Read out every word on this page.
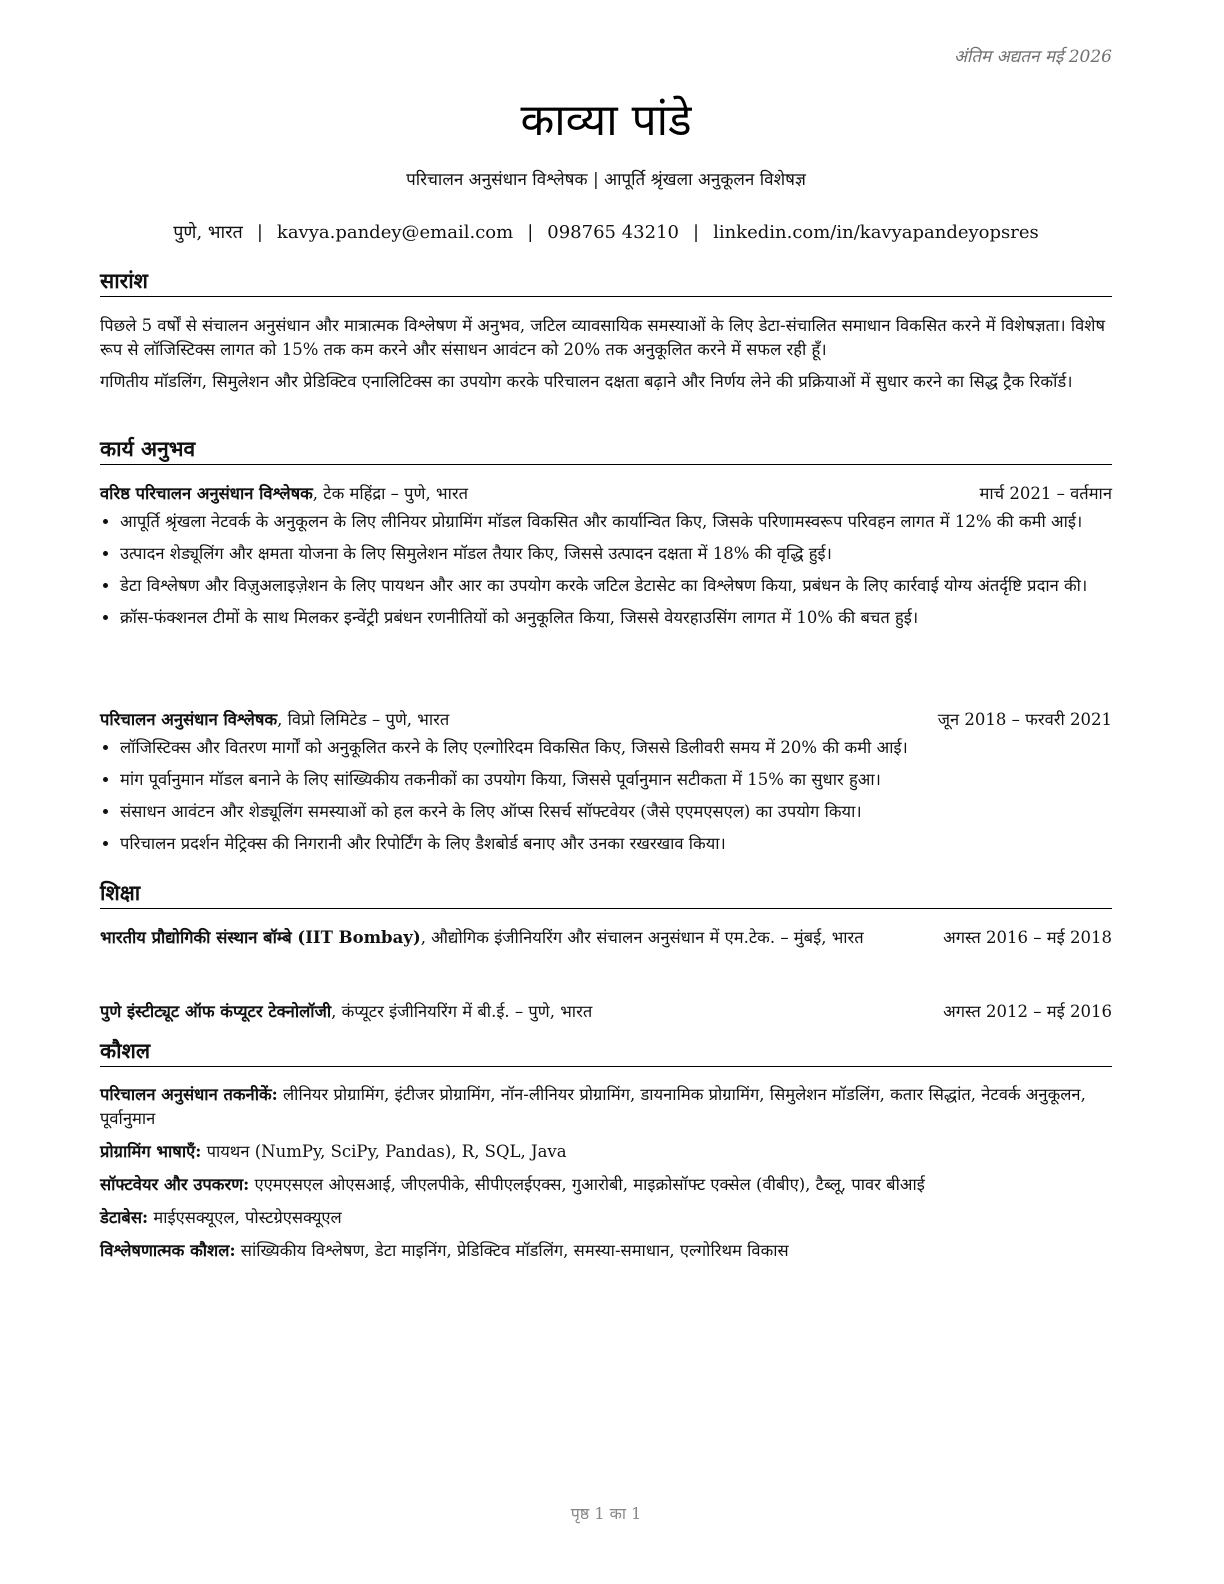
अंतिम अद्यतन मई 2026
काव्या पांडे
परिचालन अनुसंधान विश्लेषक | आपूर्ति श्रृंखला अनुकूलन विशेषज्ञ
पुणे, भारत | kavya.pandey@email.com | 098765 43210 | linkedin.com/in/kavyapandeyopsres
सारांश

पिछले 5 वर्षों से संचालन अनुसंधान और मात्रात्मक विश्लेषण में अनुभव, जटिल व्यावसायिक समस्याओं के लिए डेटा-संचालित समाधान विकसित करने में विशेषज्ञता। विशेष रूप से लॉजिस्टिक्स लागत को 15% तक कम करने और संसाधन आवंटन को 20% तक अनुकूलित करने में सफल रही हूँ।

गणितीय मॉडलिंग, सिमुलेशन और प्रेडिक्टिव एनालिटिक्स का उपयोग करके परिचालन दक्षता बढ़ाने और निर्णय लेने की प्रक्रियाओं में सुधार करने का सिद्ध ट्रैक रिकॉर्ड।

कार्य अनुभव
वरिष्ठ परिचालन अनुसंधान विश्लेषक, टेक महिंद्रा – पुणे, भारत	मार्च 2021 – वर्तमान
• आपूर्ति श्रृंखला नेटवर्क के अनुकूलन के लिए लीनियर प्रोग्रामिंग मॉडल विकसित और कार्यान्वित किए, जिसके परिणामस्वरूप परिवहन लागत में 12% की कमी आई।
• उत्पादन शेड्यूलिंग और क्षमता योजना के लिए सिमुलेशन मॉडल तैयार किए, जिससे उत्पादन दक्षता में 18% की वृद्धि हुई।
• डेटा विश्लेषण और विज़ुअलाइज़ेशन के लिए पायथन और आर का उपयोग करके जटिल डेटासेट का विश्लेषण किया, प्रबंधन के लिए कार्रवाई योग्य अंतर्दृष्टि प्रदान की।
• क्रॉस-फंक्शनल टीमों के साथ मिलकर इन्वेंट्री प्रबंधन रणनीतियों को अनुकूलित किया, जिससे वेयरहाउसिंग लागत में 10% की बचत हुई।
परिचालन अनुसंधान विश्लेषक, विप्रो लिमिटेड – पुणे, भारत	जून 2018 – फरवरी 2021
• लॉजिस्टिक्स और वितरण मार्गों को अनुकूलित करने के लिए एल्गोरिदम विकसित किए, जिससे डिलीवरी समय में 20% की कमी आई।
• मांग पूर्वानुमान मॉडल बनाने के लिए सांख्यिकीय तकनीकों का उपयोग किया, जिससे पूर्वानुमान सटीकता में 15% का सुधार हुआ।
• संसाधन आवंटन और शेड्यूलिंग समस्याओं को हल करने के लिए ऑप्स रिसर्च सॉफ्टवेयर (जैसे एएमएसएल) का उपयोग किया।
• परिचालन प्रदर्शन मेट्रिक्स की निगरानी और रिपोर्टिंग के लिए डैशबोर्ड बनाए और उनका रखरखाव किया।
शिक्षा
भारतीय प्रौद्योगिकी संस्थान बॉम्बे (IIT Bombay), औद्योगिक इंजीनियरिंग और संचालन अनुसंधान में एम.टेक. – मुंबई, भारत	अगस्त 2016 – मई 2018
पुणे इंस्टीट्यूट ऑफ कंप्यूटर टेक्नोलॉजी, कंप्यूटर इंजीनियरिंग में बी.ई. – पुणे, भारत	अगस्त 2012 – मई 2016
कौशल
परिचालन अनुसंधान तकनीकें: लीनियर प्रोग्रामिंग, इंटीजर प्रोग्रामिंग, नॉन-लीनियर प्रोग्रामिंग, डायनामिक प्रोग्रामिंग, सिमुलेशन मॉडलिंग, कतार सिद्धांत, नेटवर्क अनुकूलन, पूर्वानुमान
प्रोग्रामिंग भाषाएँ: पायथन (NumPy, SciPy, Pandas), R, SQL, Java
सॉफ्टवेयर और उपकरण: एएमएसएल ओएसआई, जीएलपीके, सीपीएलईएक्स, गुआरोबी, माइक्रोसॉफ्ट एक्सेल (वीबीए), टैब्लू, पावर बीआई
डेटाबेस: माईएसक्यूएल, पोस्टग्रेएसक्यूएल
विश्लेषणात्मक कौशल: सांख्यिकीय विश्लेषण, डेटा माइनिंग, प्रेडिक्टिव मॉडलिंग, समस्या-समाधान, एल्गोरिथम विकास
पृष्ठ 1 का 1
